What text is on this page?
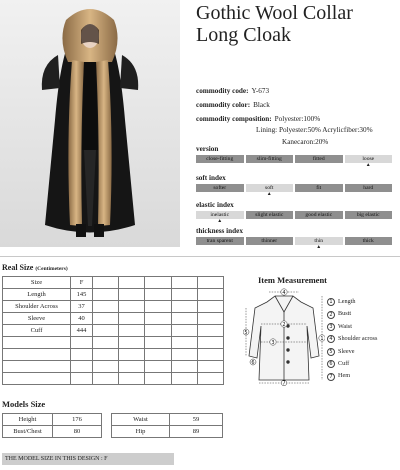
Gothic Wool Collar
Long Cloak
commodity code: Y-673
commodity color: Black
commodity composition: Polyester:100%
Lining: Polyester:50% Acrylicfiber:30%
Kanecaron:20%
version
close-fitting	slim-fitting	fitted	loose
▲
soft index
softer	soft	fit	hard
▲
elastic index
inelastic	slight elastic	good elastic	big elastic
▲
thickness index
tran sparent	thinner	thin	thick
▲
Real Size (Centimeters)
Size	F					
Length	145					
Shoulder Across	37					
Sleeve	40					
Cuff	444					

Item Measurement
4
2
3
7
1
5
6
1 Length
2 Bustt
3 Waist
4 Shoulder across
5 Sleeve
6 Cuff
7 Hem
Models Size
Height	176
Bust/Chest	80
Waist	59
Hip	89
THE MODEL SIZE IN THIS DESIGN : F
